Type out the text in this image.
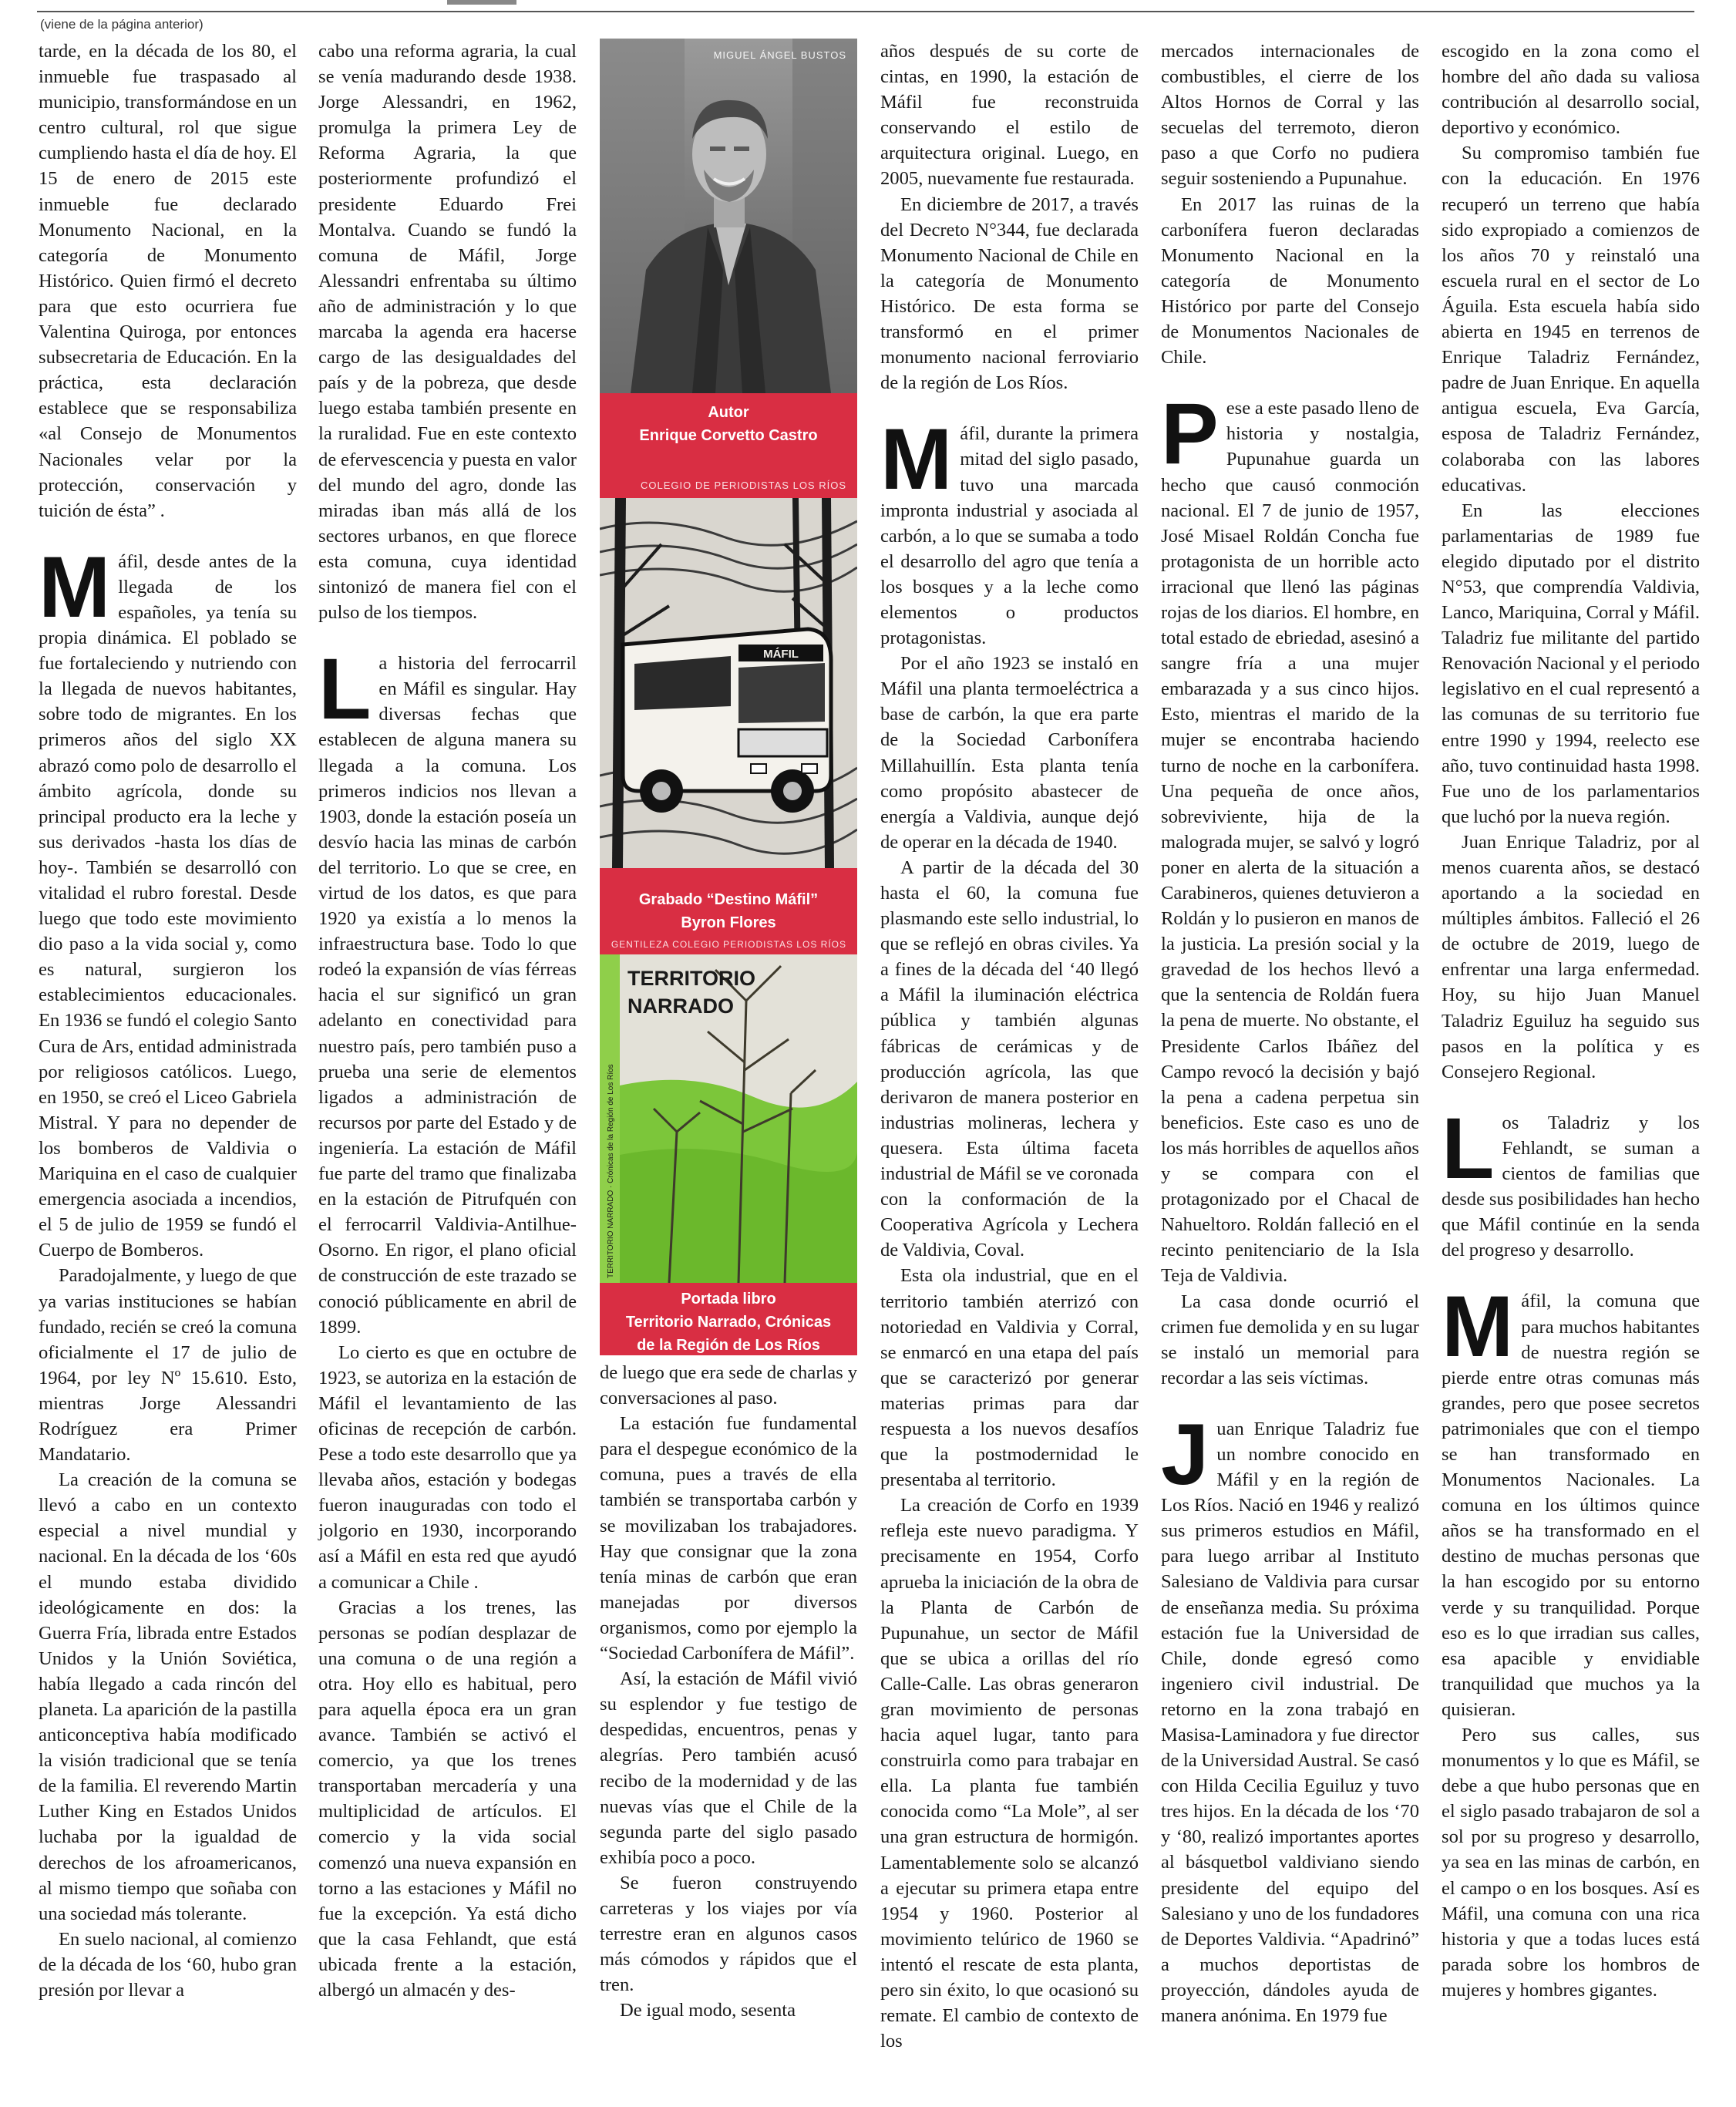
(viene de la página anterior)

tarde, en la década de los 80, el inmueble fue traspasado al municipio, transformándose en un centro cultural, rol que sigue cumpliendo hasta el día de hoy. El 15 de enero de 2015 este inmueble fue declarado Monumento Nacional, en la categoría de Monumento Histórico. Quien firmó el decreto para que esto ocurriera fue Valentina Quiroga, por entonces subsecretaria de Educación. En la práctica, esta declaración establece que se responsabiliza «al Consejo de Monumentos Nacionales velar por la protección, conservación y tuición de ésta” .

Máfil, desde antes de la llegada de los españoles, ya tenía su propia dinámica. El poblado se fue fortaleciendo y nutriendo con la llegada de nuevos habitantes, sobre todo de migrantes. En los primeros años del siglo XX abrazó como polo de desarrollo el ámbito agrícola, donde su principal producto era la leche y sus derivados -hasta los días de hoy-. También se desarrolló con vitalidad el rubro forestal. Desde luego que todo este movimiento dio paso a la vida social y, como es natural, surgieron los establecimientos educacionales. En 1936 se fundó el colegio Santo Cura de Ars, entidad administrada por religiosos católicos. Luego, en 1950, se creó el Liceo Gabriela Mistral. Y para no depender de los bomberos de Valdivia o Mariquina en el caso de cualquier emergencia asociada a incendios, el 5 de julio de 1959 se fundó el Cuerpo de Bomberos.

Paradojalmente, y luego de que ya varias instituciones se habían fundado, recién se creó la comuna oficialmente el 17 de julio de 1964, por ley Nº 15.610. Esto, mientras Jorge Alessandri Rodríguez era Primer Mandatario.

La creación de la comuna se llevó a cabo en un contexto especial a nivel mundial y nacional. En la década de los ‘60s el mundo estaba dividido ideológicamente en dos: la Guerra Fría, librada entre Estados Unidos y la Unión Soviética, había llegado a cada rincón del planeta. La aparición de la pastilla anticonceptiva había modificado la visión tradicional que se tenía de la familia. El reverendo Martin Luther King en Estados Unidos luchaba por la igualdad de derechos de los afroamericanos, al mismo tiempo que soñaba con una sociedad más tolerante.

En suelo nacional, al comienzo de la década de los ‘60, hubo gran presión por llevar a

cabo una reforma agraria, la cual se venía madurando desde 1938. Jorge Alessandri, en 1962, promulga la primera Ley de Reforma Agraria, la que posteriormente profundizó el presidente Eduardo Frei Montalva. Cuando se fundó la comuna de Máfil, Jorge Alessandri enfrentaba su último año de administración y lo que marcaba la agenda era hacerse cargo de las desigualdades del país y de la pobreza, que desde luego estaba también presente en la ruralidad. Fue en este contexto de efervescencia y puesta en valor del mundo del agro, donde las miradas iban más allá de los sectores urbanos, en que florece esta comuna, cuya identidad sintonizó de manera fiel con el pulso de los tiempos.

La historia del ferrocarril en Máfil es singular. Hay diversas fechas que establecen de alguna manera su llegada a la comuna. Los primeros indicios nos llevan a 1903, donde la estación poseía un desvío hacia las minas de carbón del territorio. Lo que se cree, en virtud de los datos, es que para 1920 ya existía a lo menos la infraestructura base. Todo lo que rodeó la expansión de vías férreas hacia el sur significó un gran adelanto en conectividad para nuestro país, pero también puso a prueba una serie de elementos ligados a administración de recursos por parte del Estado y de ingeniería. La estación de Máfil fue parte del tramo que finalizaba en la estación de Pitrufquén con el ferrocarril Valdivia-Antilhue-Osorno. En rigor, el plano oficial de construcción de este trazado se conoció públicamente en abril de 1899.

Lo cierto es que en octubre de 1923, se autoriza en la estación de Máfil el levantamiento de las oficinas de recepción de carbón. Pese a todo este desarrollo que ya llevaba años, estación y bodegas fueron inauguradas con todo el jolgorio en 1930, incorporando así a Máfil en esta red que ayudó a comunicar a Chile .

Gracias a los trenes, las personas se podían desplazar de una comuna o de una región a otra. Hoy ello es habitual, pero para aquella época era un gran avance. También se activó el comercio, ya que los trenes transportaban mercadería y una multiplicidad de artículos. El comercio y la vida social comenzó una nueva expansión en torno a las estaciones y Máfil no fue la excepción. Ya está dicho que la casa Fehlandt, que está ubicada frente a la estación, albergó un almacén y des-

de luego que era sede de charlas y conversaciones al paso.

La estación fue fundamental para el despegue económico de la comuna, pues a través de ella también se transportaba carbón y se movilizaban los trabajadores. Hay que consignar que la zona tenía minas de carbón que eran manejadas por diversos organismos, como por ejemplo la “Sociedad Carbonífera de Máfil”.

Así, la estación de Máfil vivió su esplendor y fue testigo de despedidas, encuentros, penas y alegrías. Pero también acusó recibo de la modernidad y de las nuevas vías que el Chile de la segunda parte del siglo pasado exhibía poco a poco.

Se fueron construyendo carreteras y los viajes por vía terrestre eran en algunos casos más cómodos y rápidos que el tren.

De igual modo, sesenta

años después de su corte de cintas, en 1990, la estación de Máfil fue reconstruida conservando el estilo de arquitectura original. Luego, en 2005, nuevamente fue restaurada.

En diciembre de 2017, a través del Decreto N°344, fue declarada Monumento Nacional de Chile en la categoría de Monumento Histórico. De esta forma se transformó en el primer monumento nacional ferroviario de la región de Los Ríos.

Máfil, durante la primera mitad del siglo pasado, tuvo una marcada impronta industrial y asociada al carbón, a lo que se sumaba a todo el desarrollo del agro que tenía a los bosques y a la leche como elementos o productos protagonistas.

Por el año 1923 se instaló en Máfil una planta termoeléctrica a base de carbón, la que era parte de la Sociedad Carbonífera Millahuillín. Esta planta tenía como propósito abastecer de energía a Valdivia, aunque dejó de operar en la década de 1940.

A partir de la década del 30 hasta el 60, la comuna fue plasmando este sello industrial, lo que se reflejó en obras civiles. Ya a fines de la década del ‘40 llegó a Máfil la iluminación eléctrica pública y también algunas fábricas de cerámicas y de producción agrícola, las que derivaron de manera posterior en industrias molineras, lechera y quesera. Esta última faceta industrial de Máfil se ve coronada con la conformación de la Cooperativa Agrícola y Lechera de Valdivia, Coval.

Esta ola industrial, que en el territorio también aterrizó con notoriedad en Valdivia y Corral, se enmarcó en una etapa del país que se caracterizó por generar materias primas para dar respuesta a los nuevos desafíos que la postmodernidad le presentaba al territorio.

La creación de Corfo en 1939 refleja este nuevo paradigma. Y precisamente en 1954, Corfo aprueba la iniciación de la obra de la Planta de Carbón de Pupunahue, un sector de Máfil que se ubica a orillas del río Calle-Calle. Las obras generaron gran movimiento de personas hacia aquel lugar, tanto para construirla como para trabajar en ella. La planta fue también conocida como “La Mole”, al ser una gran estructura de hormigón. Lamentablemente solo se alcanzó a ejecutar su primera etapa entre 1954 y 1960. Posterior al movimiento telúrico de 1960 se intentó el rescate de esta planta, pero sin éxito, lo que ocasionó su remate. El cambio de contexto de los

mercados internacionales de combustibles, el cierre de los Altos Hornos de Corral y las secuelas del terremoto, dieron paso a que Corfo no pudiera seguir sosteniendo a Pupunahue.

En 2017 las ruinas de la carbonífera fueron declaradas Monumento Nacional en la categoría de Monumento Histórico por parte del Consejo de Monumentos Nacionales de Chile.

Pese a este pasado lleno de historia y nostalgia, Pupunahue guarda un hecho que causó conmoción nacional. El 7 de junio de 1957, José Misael Roldán Concha fue protagonista de un horrible acto irracional que llenó las páginas rojas de los diarios. El hombre, en total estado de ebriedad, asesinó a sangre fría a una mujer embarazada y a sus cinco hijos. Esto, mientras el marido de la mujer se encontraba haciendo turno de noche en la carbonífera. Una pequeña de once años, sobreviviente, hija de la malograda mujer, se salvó y logró poner en alerta de la situación a Carabineros, quienes detuvieron a Roldán y lo pusieron en manos de la justicia. La presión social y la gravedad de los hechos llevó a que la sentencia de Roldán fuera la pena de muerte. No obstante, el Presidente Carlos Ibáñez del Campo revocó la decisión y bajó la pena a cadena perpetua sin beneficios. Este caso es uno de los más horribles de aquellos años y se compara con el protagonizado por el Chacal de Nahueltoro. Roldán falleció en el recinto penitenciario de la Isla Teja de Valdivia.

La casa donde ocurrió el crimen fue demolida y en su lugar se instaló un memorial para recordar a las seis víctimas.

Juan Enrique Taladriz fue un nombre conocido en Máfil y en la región de Los Ríos. Nació en 1946 y realizó sus primeros estudios en Máfil, para luego arribar al Instituto Salesiano de Valdivia para cursar de enseñanza media. Su próxima estación fue la Universidad de Chile, donde egresó como ingeniero civil industrial. De retorno en la zona trabajó en Masisa-Laminadora y fue director de la Universidad Austral. Se casó con Hilda Cecilia Eguiluz y tuvo tres hijos. En la década de los ‘70 y ‘80, realizó importantes aportes al básquetbol valdiviano siendo presidente del equipo del Salesiano y uno de los fundadores de Deportes Valdivia. “Apadrinó” a muchos deportistas de proyección, dándoles ayuda de manera anónima. En 1979 fue

escogido en la zona como el hombre del año dada su valiosa contribución al desarrollo social, deportivo y económico.

Su compromiso también fue con la educación. En 1976 recuperó un terreno que había sido expropiado a comienzos de los años 70 y reinstaló una escuela rural en el sector de Lo Águila. Esta escuela había sido abierta en 1945 en terrenos de Enrique Taladriz Fernández, padre de Juan Enrique. En aquella antigua escuela, Eva García, esposa de Taladriz Fernández, colaboraba con las labores educativas.

En las elecciones parlamentarias de 1989 fue elegido diputado por el distrito N°53, que comprendía Valdivia, Lanco, Mariquina, Corral y Máfil. Taladriz fue militante del partido Renovación Nacional y el periodo legislativo en el cual representó a las comunas de su territorio fue entre 1990 y 1994, reelecto ese año, tuvo continuidad hasta 1998. Fue uno de los parlamentarios que luchó por la nueva región.

Juan Enrique Taladriz, por al menos cuarenta años, se destacó aportando a la sociedad en múltiples ámbitos. Falleció el 26 de octubre de 2019, luego de enfrentar una larga enfermedad. Hoy, su hijo Juan Manuel Taladriz Eguiluz ha seguido sus pasos en la política y es Consejero Regional.

Los Taladriz y los Fehlandt, se suman a cientos de familias que desde sus posibilidades han hecho que Máfil continúe en la senda del progreso y desarrollo.

Máfil, la comuna que para muchos habitantes de nuestra región se pierde entre otras comunas más grandes, pero que posee secretos patrimoniales que con el tiempo se han transformado en Monumentos Nacionales. La comuna en los últimos quince años se ha transformado en el destino de muchas personas que la han escogido por su entorno verde y su tranquilidad. Porque eso es lo que irradian sus calles, esa apacible y envidiable tranquilidad que muchos ya la quisieran.

Pero sus calles, sus monumentos y lo que es Máfil, se debe a que hubo personas que en el siglo pasado trabajaron de sol a sol por su progreso y desarrollo, ya sea en las minas de carbón, en el campo o en los bosques. Así es Máfil, una comuna con una rica historia y que a todas luces está parada sobre los hombros de mujeres y hombres gigantes.

MIGUEL ÁNGEL BUSTOS
Autor
Enrique Corvetto Castro
COLEGIO DE PERIODISTAS LOS RÍOS
MÁFIL
Grabado “Destino Máfil”
Byron Flores
GENTILEZA COLEGIO PERIODISTAS LOS RÍOS
TERRITORIO
NARRADO
TERRITORIO NARRADO · Crónicas de la Región de Los Ríos
Portada libro
Territorio Narrado, Crónicas
de la Región de Los Ríos
